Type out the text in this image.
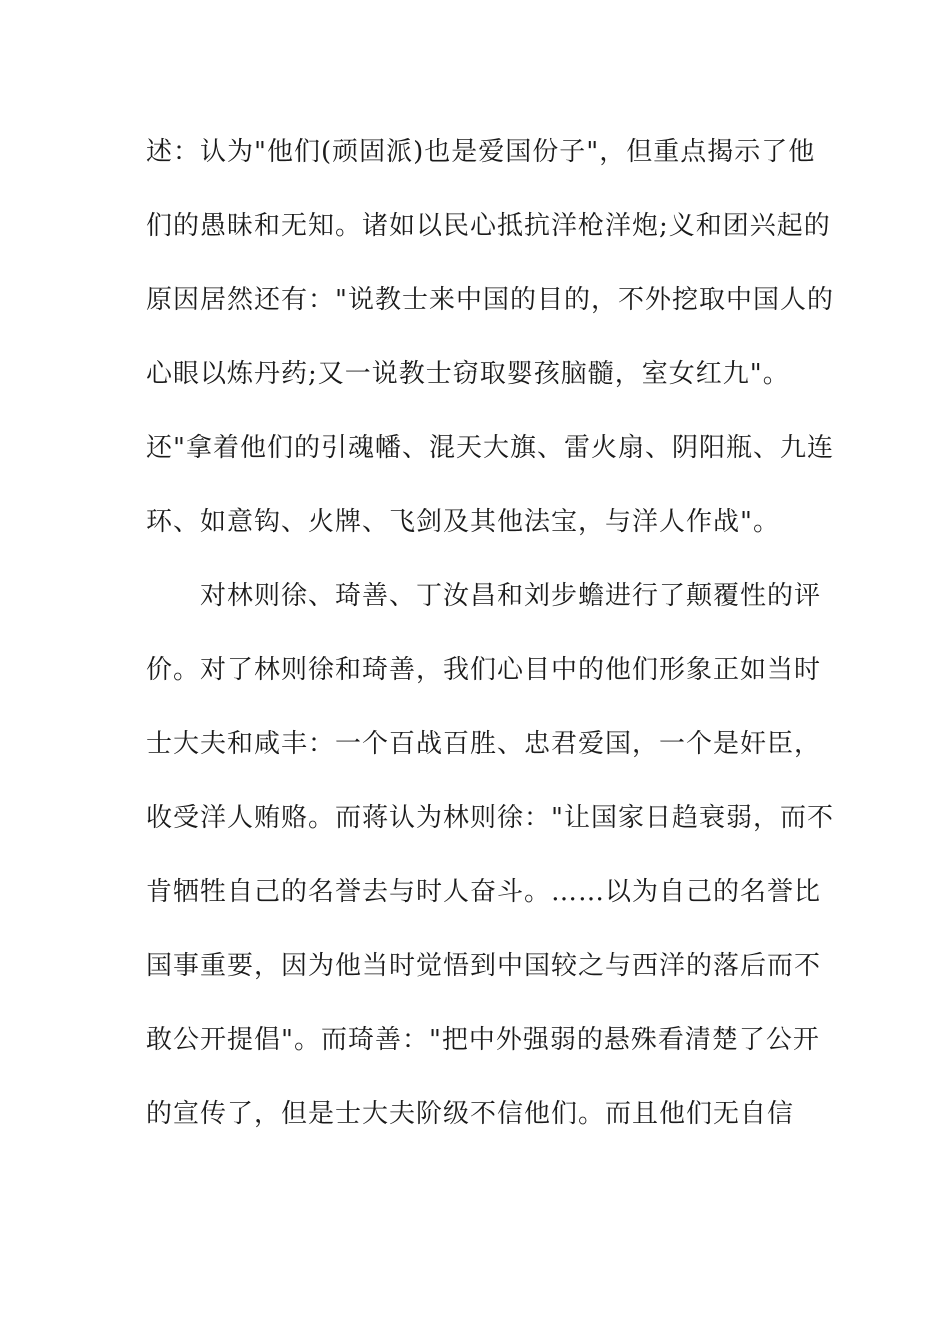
述：认为"他们(顽固派)也是爱国份子"，但重点揭示了他
们的愚昧和无知。诸如以民心抵抗洋枪洋炮;义和团兴起的
原因居然还有："说教士来中国的目的，不外挖取中国人的
心眼以炼丹药;又一说教士窃取婴孩脑髓，室女红九"。
还"拿着他们的引魂幡、混天大旗、雷火扇、阴阳瓶、九连
环、如意钩、火牌、飞剑及其他法宝，与洋人作战"。
　　对林则徐、琦善、丁汝昌和刘步蟾进行了颠覆性的评
价。对了林则徐和琦善，我们心目中的他们形象正如当时
士大夫和咸丰：一个百战百胜、忠君爱国，一个是奸臣，
收受洋人贿赂。而蒋认为林则徐："让国家日趋衰弱，而不
肯牺牲自己的名誉去与时人奋斗。……以为自己的名誉比
国事重要，因为他当时觉悟到中国较之与西洋的落后而不
敢公开提倡"。而琦善："把中外强弱的悬殊看清楚了公开
的宣传了，但是士大夫阶级不信他们。而且他们无自信
